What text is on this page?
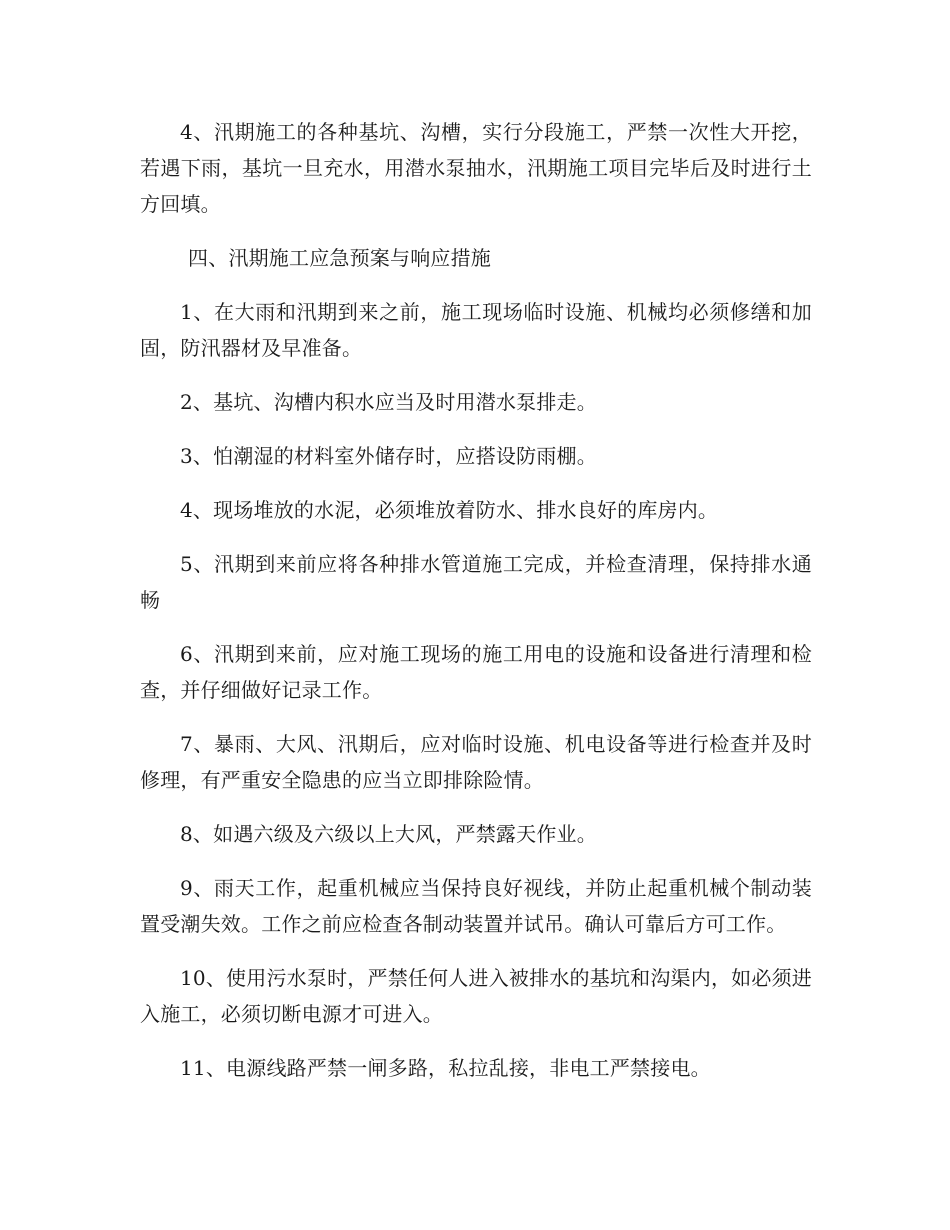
4、汛期施工的各种基坑、沟槽，实行分段施工，严禁一次性大开挖，若遇下雨，基坑一旦充水，用潜水泵抽水，汛期施工项目完毕后及时进行土方回填。

四、汛期施工应急预案与响应措施

1、在大雨和汛期到来之前，施工现场临时设施、机械均必须修缮和加固，防汛器材及早准备。

2、基坑、沟槽内积水应当及时用潜水泵排走。

3、怕潮湿的材料室外储存时，应搭设防雨棚。

4、现场堆放的水泥，必须堆放着防水、排水良好的库房内。

5、汛期到来前应将各种排水管道施工完成，并检查清理，保持排水通畅

6、汛期到来前，应对施工现场的施工用电的设施和设备进行清理和检查，并仔细做好记录工作。

7、暴雨、大风、汛期后，应对临时设施、机电设备等进行检查并及时修理，有严重安全隐患的应当立即排除险情。

8、如遇六级及六级以上大风，严禁露天作业。

9、雨天工作，起重机械应当保持良好视线，并防止起重机械个制动装置受潮失效。工作之前应检查各制动装置并试吊。确认可靠后方可工作。

10、使用污水泵时，严禁任何人进入被排水的基坑和沟渠内，如必须进入施工，必须切断电源才可进入。

11、电源线路严禁一闸多路，私拉乱接，非电工严禁接电。
